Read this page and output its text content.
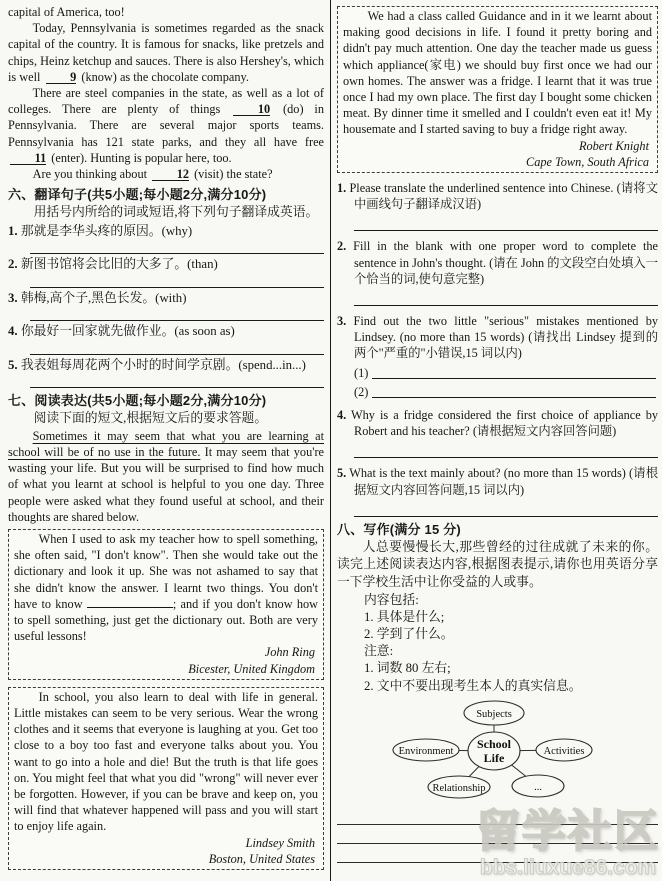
capital of America, too!

Today, Pennsylvania is sometimes regarded as the snack capital of the country. It is famous for snacks, like pretzels and chips, Heinz ketchup and sauces. There is also Hershey's, which is well 9 (know) as the chocolate company.

There are steel companies in the state, as well as a lot of colleges. There are plenty of things	10 (do) in Pennsylvania. There are several major sports teams. Pennsylvania has 121 state parks, and they all have free 11 (enter). Hunting is popular here, too.

Are you thinking about 12 (visit) the state?

六、翻译句子(共5小题;每小题2分,满分10分)

用括号内所给的词或短语,将下列句子翻译成英语。

1. 那就是李华头疼的原因。(why)
2. 新图书馆将会比旧的大多了。(than)
3. 韩梅,高个子,黑色长发。(with)
4. 你最好一回家就先做作业。(as soon as)
5. 我表姐每周花两个小时的时间学京剧。(spend...in...)
七、阅读表达(共5小题;每小题2分,满分10分)

阅读下面的短文,根据短文后的要求答题。

Sometimes it may seem that what you are learning at school will be of no use in the future. It may seem that you're wasting your life. But you will be surprised to find how much of what you learnt at school is helpful to you one day. Three people were asked what they found useful at school, and their thoughts are shared below.

When I used to ask my teacher how to spell something, she often said, "I don't know". Then she would take out the dictionary and look it up. She was not ashamed to say that she didn't know the answer. I learnt two things. You don't have to know	; and if you don't know how to spell something, just get the dictionary out. Both are very useful lessons!

John Ring
Bicester, United Kingdom

In school, you also learn to deal with life in general. Little mistakes can seem to be very serious. Wear the wrong clothes and it seems that everyone is laughing at you. Get too close to a boy too fast and everyone talks about you. You want to go into a hole and die! But the truth is that life goes on. You might feel that what you did "wrong" will never ever be forgotten. However, if you can be brave and keep on, you will find that whatever happened will pass and you will start to enjoy life again.

Lindsey Smith
Boston, United States

We had a class called Guidance and in it we learnt about making good decisions in life. I found it pretty boring and didn't pay much attention. One day the teacher made us guess which appliance(家电) we should buy first once we had our own homes. The answer was a fridge. I learnt that it was true once I had my own place. The first day I bought some chicken meat. By dinner time it smelled and I couldn't even eat it! My housemate and I started saving to buy a fridge right away.

Robert Knight
Cape Town, South Africa
1. Please translate the underlined sentence into Chinese. (请将文中画线句子翻译成汉语)
2. Fill in the blank with one proper word to complete the sentence in John's thought. (请在 John 的文段空白处填入一个恰当的词,使句意完整)
3. Find out the two little "serious" mistakes mentioned by Lindsey. (no more than 15 words) (请找出 Lindsey 提到的两个"严重的"小错误,15 词以内)
(1)
(2)
4. Why is a fridge considered the first choice of appliance by Robert and his teacher? (请根据短文内容回答问题)
5. What is the text mainly about? (no more than 15 words) (请根据短文内容回答问题,15 词以内)
八、写作(满分 15 分)

人总要慢慢长大,那些曾经的过往成就了未来的你。读完上述阅读表达内容,根据图表提示,请你也用英语分享一下学校生活中让你受益的人或事。

内容包括:
1. 具体是什么;
2. 学到了什么。
注意:
1. 词数 80 左右;
2. 文中不要出现考生本人的真实信息。
Subjects
Environment	Activities
Relationship	...
School
Life
留学社区
bbs.liuxue86.com
